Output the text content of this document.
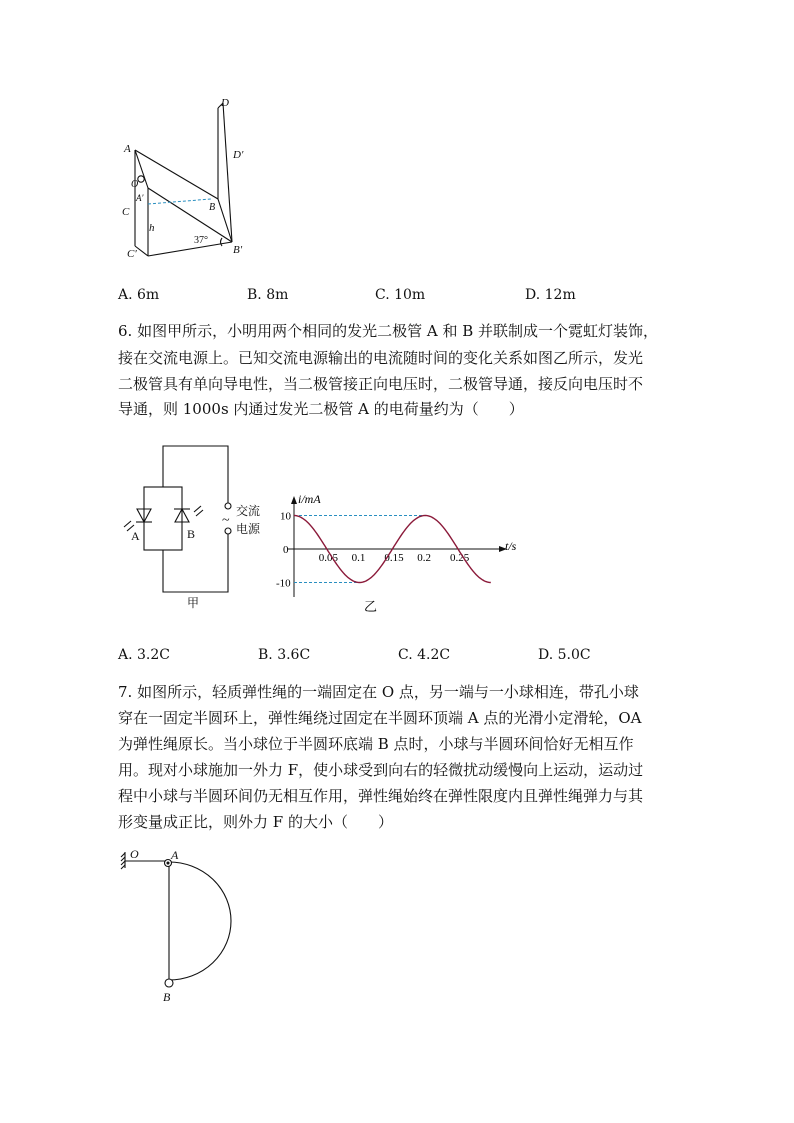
D
D′
A
O
A′
C	B
h
37°
C′	B′
A. 6m	B. 8m	C. 10m	D. 12m
6. 如图甲所示，小明用两个相同的发光二极管 A 和 B 并联制成一个霓虹灯装饰，
接在交流电源上。已知交流电源输出的电流随时间的变化关系如图乙所示，发光
二极管具有单向导电性，当二极管接正向电压时，二极管导通，接反向电压时不
导通，则 1000s 内通过发光二极管 A 的电荷量约为（　　）
A	B
~
交流
电源
甲
i/mA
t/s
乙
0
0.05 0.1 0.15 0.2 0.25
10
-10
A. 3.2C	B. 3.6C	C. 4.2C	D. 5.0C
7. 如图所示，轻质弹性绳的一端固定在 O 点，另一端与一小球相连，带孔小球
穿在一固定半圆环上，弹性绳绕过固定在半圆环顶端 A 点的光滑小定滑轮，OA
为弹性绳原长。当小球位于半圆环底端 B 点时，小球与半圆环间恰好无相互作
用。现对小球施加一外力 F，使小球受到向右的轻微扰动缓慢向上运动，运动过
程中小球与半圆环间仍无相互作用，弹性绳始终在弹性限度内且弹性绳弹力与其
形变量成正比，则外力 F 的大小（　　）
O	A
B
